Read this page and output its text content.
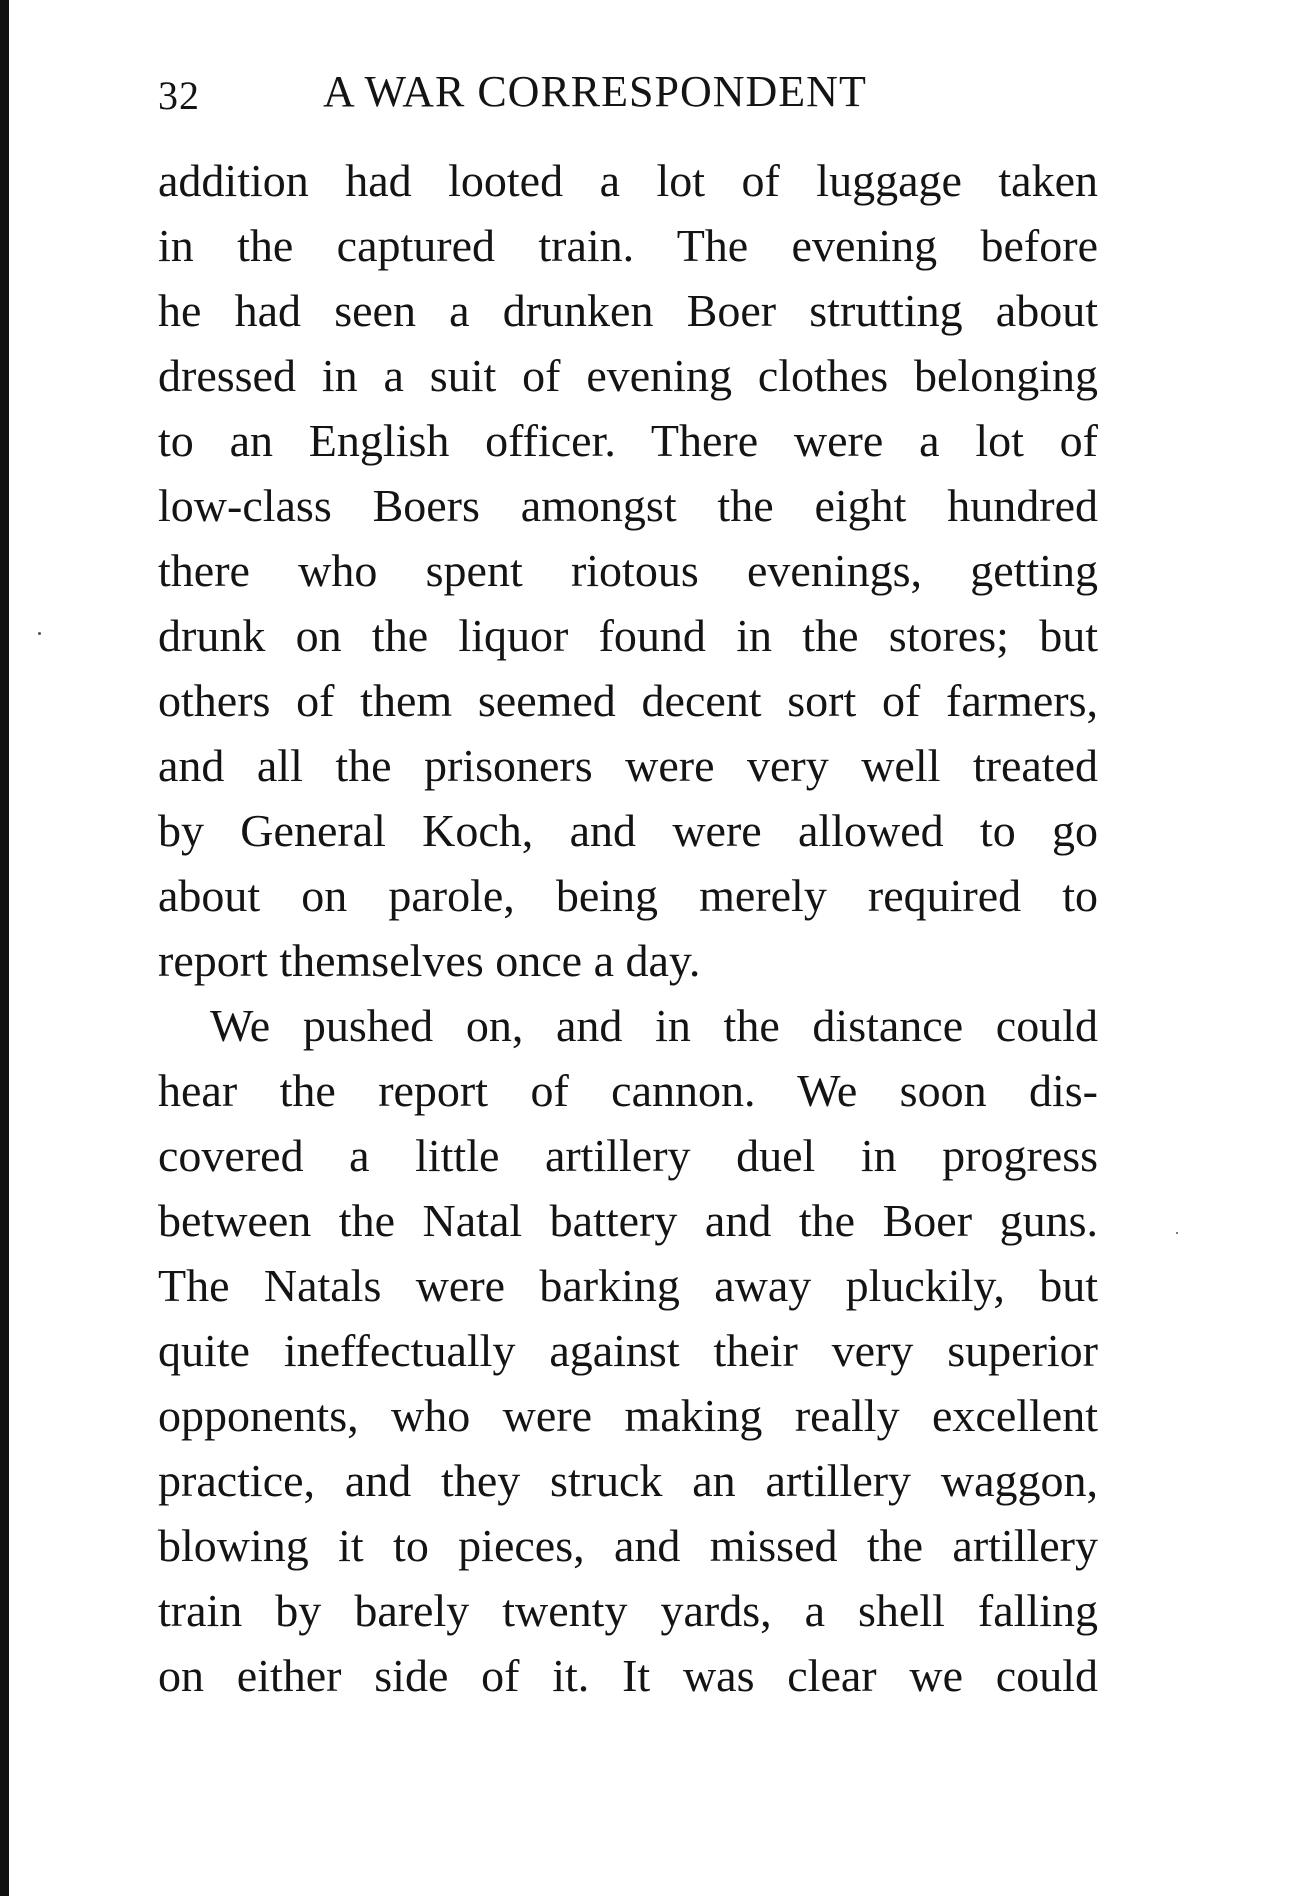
32	A WAR CORRESPONDENT
addition had looted a lot of luggage taken
in the captured train. The evening before
he had seen a drunken Boer strutting about
dressed in a suit of evening clothes belonging
to an English officer. There were a lot of
low-class Boers amongst the eight hundred
there who spent riotous evenings, getting
drunk on the liquor found in the stores; but
others of them seemed decent sort of farmers,
and all the prisoners were very well treated
by General Koch, and were allowed to go
about on parole, being merely required to
report themselves once a day.
We pushed on, and in the distance could
hear the report of cannon. We soon dis-
covered a little artillery duel in progress
between the Natal battery and the Boer guns.
The Natals were barking away pluckily, but
quite ineffectually against their very superior
opponents, who were making really excellent
practice, and they struck an artillery waggon,
blowing it to pieces, and missed the artillery
train by barely twenty yards, a shell falling
on either side of it. It was clear we could
